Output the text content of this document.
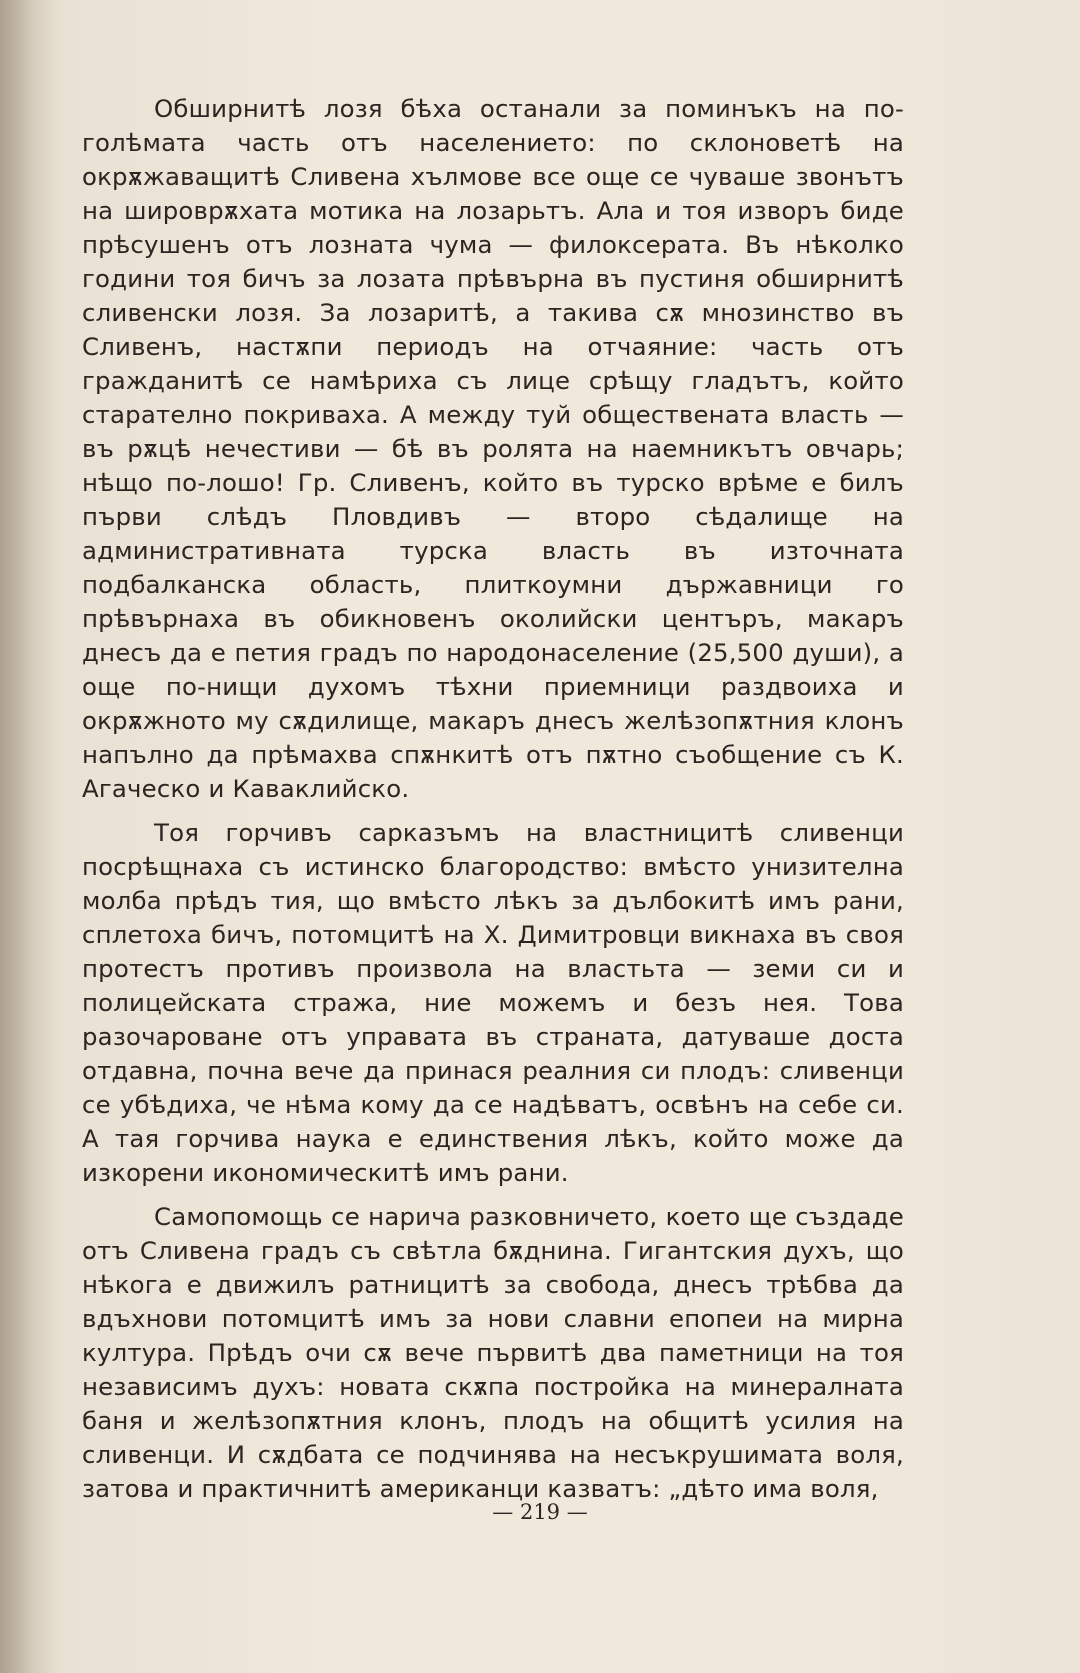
Обширнитѣ лозя бѣха останали за поминъкъ на по-голѣмата часть отъ населението: по склоноветѣ на окрѫжаващитѣ Сливена хълмове все още се чуваше звонътъ на широврѫхата мотика на лозарьтъ. Ала и тоя изворъ биде прѣсушенъ отъ лозната чума — филоксерата. Въ нѣколко години тоя бичъ за лозата прѣвърна въ пустиня обширнитѣ сливенски лозя. За лозаритѣ, а такива сѫ мнозинство въ Сливенъ, настѫпи периодъ на отчаяние: часть отъ гражданитѣ се намѣриха съ лице срѣщу гладътъ, който старателно покриваха. А между туй обществената власть — въ рѫцѣ нечестиви — бѣ въ ролята на наемникътъ овчарь; нѣщо по-лошо! Гр. Сливенъ, който въ турско врѣме е билъ първи слѣдъ Пловдивъ — второ сѣдалище на административната турска власть въ източната подбалканска область, плиткоумни държавници го прѣвърнаха въ обикновенъ околийски центъръ, макаръ днесъ да е петия градъ по народонаселение (25,500 души), а още по-нищи духомъ тѣхни приемници раздвоиха и окрѫжното му сѫдилище, макаръ днесъ желѣзопѫтния клонъ напълно да прѣмахва спѫнкитѣ отъ пѫтно съобщение съ К. Агаческо и Каваклийско.

Тоя горчивъ сарказъмъ на властницитѣ сливенци посрѣщнаха съ истинско благородство: вмѣсто унизителна молба прѣдъ тия, що вмѣсто лѣкъ за дълбокитѣ имъ рани, сплетоха бичъ, потомцитѣ на Х. Димитровци викнаха въ своя протестъ противъ произвола на властьта — земи си и полицейската стража, ние можемъ и безъ нея. Това разочароване отъ управата въ страната, датуваше доста отдавна, почна вече да принася реалния си плодъ: сливенци се убѣдиха, че нѣма кому да се надѣватъ, освѣнъ на себе си. А тая горчива наука е единствения лѣкъ, който може да изкорени икономическитѣ имъ рани.

Самопомощь се нарича разковничето, което ще създаде отъ Сливена градъ съ свѣтла бѫднина. Гигантския духъ, що нѣкога е движилъ ратницитѣ за свобода, днесъ трѣбва да вдъхнови потомцитѣ имъ за нови славни епопеи на мирна култура. Прѣдъ очи сѫ вече първитѣ два паметници на тоя независимъ духъ: новата скѫпа постройка на минералната баня и желѣзопѫтния клонъ, плодъ на общитѣ усилия на сливенци. И сѫдбата се подчинява на несъкрушимата воля, затова и практичнитѣ американци казватъ: „дѣто има воля,

— 219 —
